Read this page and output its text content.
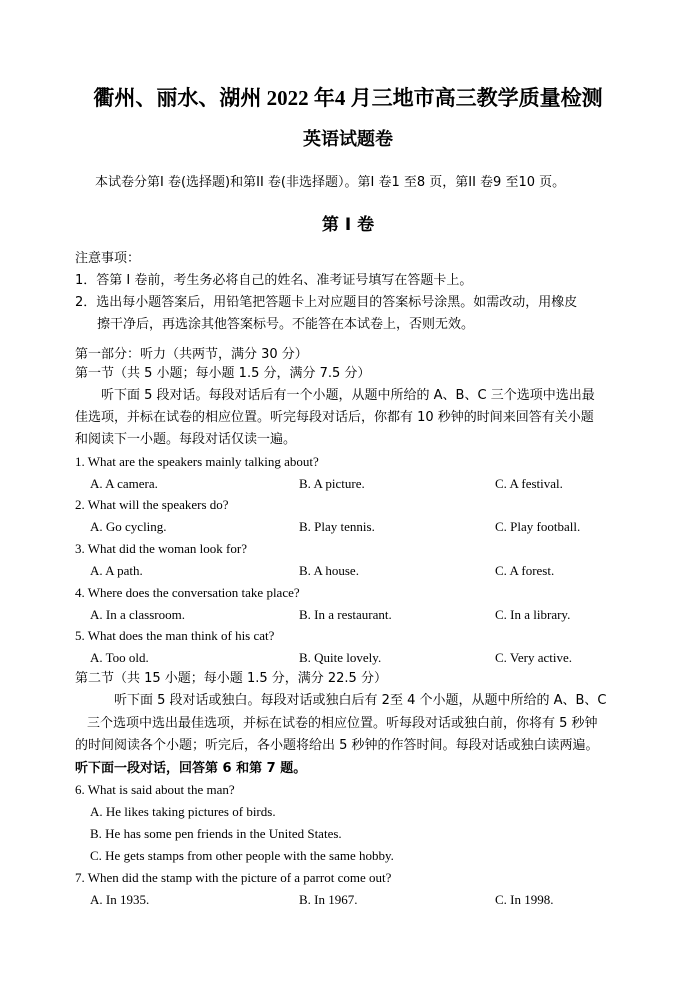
衢州、丽水、湖州 2022 年4 月三地市高三教学质量检测
英语试题卷
本试卷分第I 卷(选择题)和第II 卷(非选择题）。第I 卷1 至8 页，第II 卷9 至10 页。
第 I 卷
注意事项：
1．答第 I 卷前，考生务必将自己的姓名、准考证号填写在答题卡上。
2．选出每小题答案后，用铅笔把答题卡上对应题目的答案标号涂黑。如需改动，用橡皮
擦干净后，再选涂其他答案标号。不能答在本试卷上，否则无效。
第一部分：听力（共两节，满分 30 分）
第一节（共 5 小题；每小题 1.5 分，满分 7.5 分）
听下面 5 段对话。每段对话后有一个小题，从题中所给的 A、B、C 三个选项中选出最
佳选项，并标在试卷的相应位置。听完每段对话后，你都有 10 秒钟的时间来回答有关小题
和阅读下一小题。每段对话仅读一遍。
1. What are the speakers mainly talking about?
A. A camera.	B. A picture.	C. A festival.
2. What will the speakers do?
A. Go cycling.	B. Play tennis.	C. Play football.
3. What did the woman look for?
A. A path.	B. A house.	C. A forest.
4. Where does the conversation take place?
A. In a classroom.	B. In a restaurant.	C. In a library.
5. What does the man think of his cat?
A. Too old.	B. Quite lovely.	C. Very active.
第二节（共 15 小题；每小题 1.5 分，满分 22.5 分）
听下面 5 段对话或独白。每段对话或独白后有 2至 4 个小题，从题中所给的 A、B、C
三个选项中选出最佳选项，并标在试卷的相应位置。听每段对话或独白前，你将有 5 秒钟
的时间阅读各个小题；听完后，各小题将给出 5 秒钟的作答时间。每段对话或独白读两遍。
听下面一段对话，回答第 6 和第 7 题。
6. What is said about the man?
A. He likes taking pictures of birds.
B. He has some pen friends in the United States.
C. He gets stamps from other people with the same hobby.
7. When did the stamp with the picture of a parrot come out?
A. In 1935.	B. In 1967.	C. In 1998.
